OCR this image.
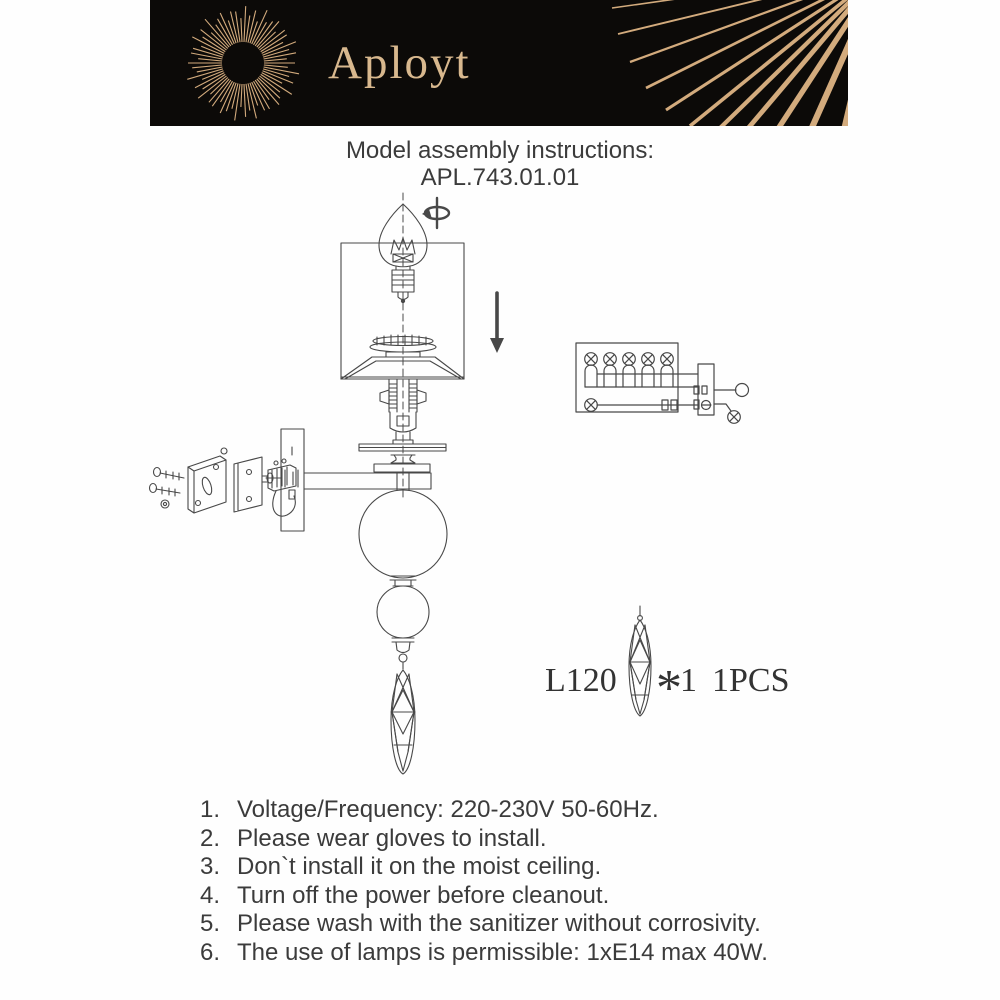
Aployt
Model assembly instructions:
APL.743.01.01
L120 *
1 1PCS
1. Voltage/Frequency: 220-230V 50-60Hz.
2. Please wear gloves to install.
3. Don`t install it on the moist ceiling.
4. Turn off the power before cleanout.
5. Please wash with the sanitizer without corrosivity.
6. The use of lamps is permissible: 1xE14 max 40W.
